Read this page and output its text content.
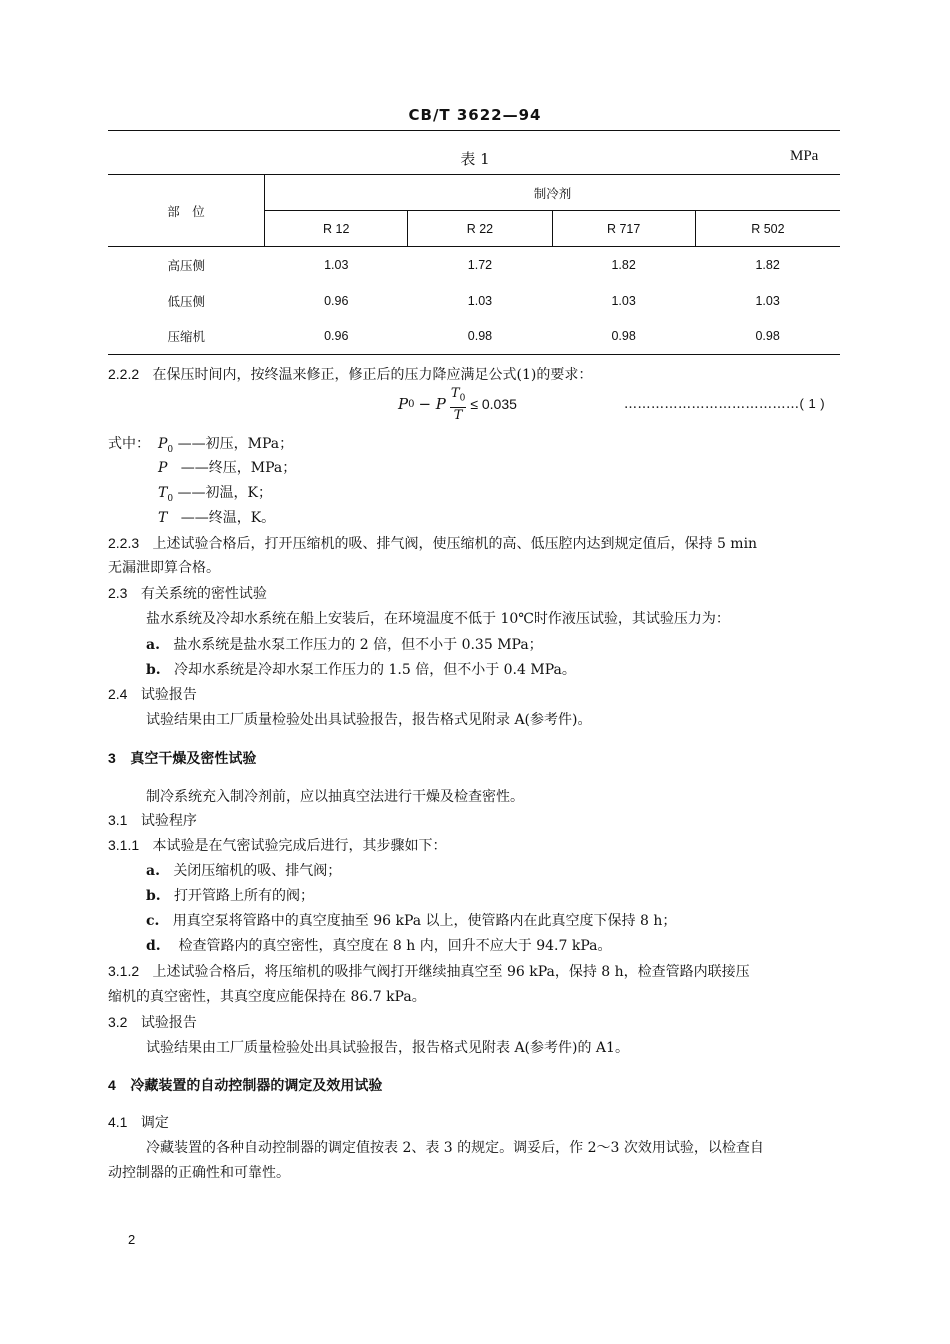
CB/T 3622—94
表 1	MPa
部　位	制冷剂			
	R 12	R 22	R 717	R 502
高压侧	1.03	1.72	1.82	1.82
低压侧	0.96	1.03	1.03	1.03
压缩机	0.96	0.98	0.98	0.98
2.2.2 在保压时间内，按终温来修正，修正后的压力降应满足公式(1)的要求：
P 0 − P $\frac{T_0}{T} \le 0.035$	…………………………………( 1 )
式中： $P_0$ ——初压，MPa；
P ——终压，MPa；
$T_0$ ——初温，K；
T ——终温，K。
2.2.3 上述试验合格后，打开压缩机的吸、排气阀，使压缩机的高、低压腔内达到规定值后，保持 5 min
无漏泄即算合格。
2.3 有关系统的密性试验
盐水系统及冷却水系统在船上安装后，在环境温度不低于 10℃时作液压试验，其试验压力为：
a. 盐水系统是盐水泵工作压力的 2 倍，但不小于 0.35 MPa；
b. 冷却水系统是冷却水泵工作压力的 1.5 倍，但不小于 0.4 MPa。
2.4 试验报告
试验结果由工厂质量检验处出具试验报告，报告格式见附录 A(参考件)。
3 真空干燥及密性试验
制冷系统充入制冷剂前，应以抽真空法进行干燥及检查密性。
3.1 试验程序
3.1.1 本试验是在气密试验完成后进行，其步骤如下：
a. 关闭压缩机的吸、排气阀；
b. 打开管路上所有的阀；
c. 用真空泵将管路中的真空度抽至 96 kPa 以上，使管路内在此真空度下保持 8 h；
d. 检查管路内的真空密性，真空度在 8 h 内，回升不应大于 94.7 kPa。
3.1.2 上述试验合格后，将压缩机的吸排气阀打开继续抽真空至 96 kPa，保持 8 h，检查管路内联接压
缩机的真空密性，其真空度应能保持在 86.7 kPa。
3.2 试验报告
试验结果由工厂质量检验处出具试验报告，报告格式见附表 A(参考件)的 A1。
4 冷藏装置的自动控制器的调定及效用试验
4.1 调定
冷藏装置的各种自动控制器的调定值按表 2、表 3 的规定。调妥后，作 2～3 次效用试验，以检查自
动控制器的正确性和可靠性。
2
